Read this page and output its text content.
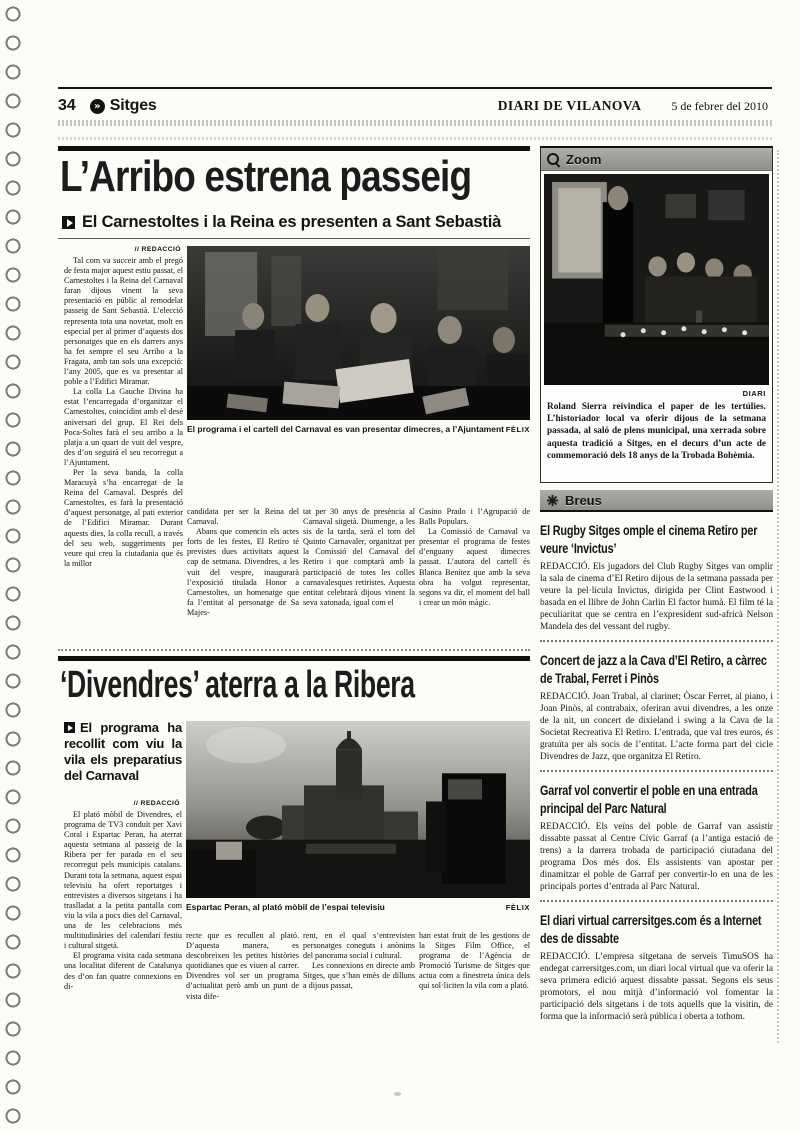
34	» Sitges	DIARI DE VILANOVA	5 de febrer del 2010
L’Arribo estrena passeig
El Carnestoltes i la Reina es presenten a Sant Sebastià
// REDACCIÓ

Tal com va succeir amb el pregó de festa major aquest estiu passat, el Carnestoltes i la Reina del Carnaval faran dijous vinent la seva presentació en públic al remodelat passeig de Sant Sebastià. L’elecció representa tota una novetat, molt en especial per al primer d’aquests dos personatges que en els darrers anys ha fet sempre el seu Arribo a la Fragata, amb tan sols una excepció: l’any 2005, que es va presentar al poble a l’Edifici Miramar.

La colla La Gauche Divina ha estat l’encarregada d’organitzar el Carnestoltes, coincidint amb el desè aniversari del grup. El Rei dels Poca-Soltes farà el seu arribo a la platja a un quart de vuit del vespre, des d’on seguirà el seu recorregut a l’Ajuntament.

Per la seva banda, la colla Maracuyà s’ha encarregat de la Reina del Carnaval. Després del Carnestoltes, es farà la presentació d’aquest personatge, al pati exterior de l’Edifici Miramar. Durant aquests dies, la colla recull, a través del seu web, suggeriments per veure qui creu la ciutadania que és la millor

El programa i el cartell del Carnaval es van presentar dimecres, a l’Ajuntament FÈLIX

candidata per ser la Reina del Carnaval.

Abans que comencin els actes forts de les festes, El Retiro té previstes dues activitats aquest cap de setmana. Divendres, a les vuit del vespre, inaugurarà l’exposició titulada Honor a Carnestoltes, un homenatge que fa l’entitat al personatge de Sa Majes-

tat per 30 anys de presència al Carnaval sitgetà. Diumenge, a les sis de la tarda, serà el torn del Quinto Carnavaler, organitzat per la Comissió del Carnaval del Retiro i que comptarà amb la participació de totes les colles carnavalesques retiristes. Aquesta entitat celebrarà dijous vinent la seva xatonada, igual com el

Casino Prado i l’Agrupació de Balls Populars.

La Comissió de Carnaval va presentar el programa de festes d’enguany aquest dimecres passat. L’autora del cartell és Blanca Benítez que amb la seva obra ha volgut representar, segons va dir, el moment del ball i crear un món màgic.

‘Divendres’ aterra a la Ribera
El programa ha recollit com viu la vila els preparatius del Carnaval
// REDACCIÓ

El plató mòbil de Divendres, el programa de TV3 conduït per Xavi Coral i Espartac Peran, ha aterrat aquesta setmana al passeig de la Ribera per fer parada en el seu recorregut pels municipis catalans. Durant tota la setmana, aquest espai televisiu ha ofert reportatges i entrevistes a diversos sitgetans i ha traslladat a la petita pantalla com viu la vila a pocs dies del Carnaval, una de les celebracions més multitudinàries del calendari festiu i cultural sitgetà.

El programa visita cada setmana una localitat diferent de Catalunya des d’on fan quatre connexions en di-

Espartac Peran, al plató mòbil de l’espai televisiu	FÈLIX

recte que es recullen al plató. D’aquesta manera, es descobreixen les petites històries quotidianes que es viuen al carrer. Divendres vol ser un programa d’actualitat però amb un punt de vista dife-

rent, en el qual s’entrevisten personatges coneguts i anònims del panorama social i cultural.

Les connexions en directe amb Sitges, que s’han emès de dilluns a dijous passat,

han estat fruit de les gestions de la Sitges Film Office, el programa de l’Agència de Promoció Turisme de Sitges que actua com a finestreta única dels qui sol·liciten la vila com a plató.

Zoom
DIARI
Roland Sierra reivindica el paper de les tertúlies. L’historiador local va oferir dijous de la setmana passada, al saló de plens municipal, una xerrada sobre aquesta tradició a Sitges, en el decurs d’un acte de commemoració dels 18 anys de la Trobada Bohèmia.
Breus
El Rugby Sitges omple el cinema Retiro per veure ‘Invictus’
REDACCIÓ. Els jugadors del Club Rugby Sitges van omplir la sala de cinema d’El Retiro dijous de la setmana passada per veure la pel·lícula Invictus, dirigida per Clint Eastwood i basada en el llibre de John Carlin El factor humà. El film té la peculiaritat que se centra en l’expresident sud-africà Nelson Mandela des del vessant del rugby.
Concert de jazz a la Cava d’El Retiro, a càrrec de Trabal, Ferret i Pinòs
REDACCIÓ. Joan Trabal, al clarinet; Òscar Ferret, al piano, i Joan Pinòs, al contrabaix, oferiran avui divendres, a les onze de la nit, un concert de dixieland i swing a la Cava de la Societat Recreativa El Retiro. L’entrada, que val tres euros, és gratuïta per als socis de l’entitat. L’acte forma part del cicle Divendres de Jazz, que organitza El Retiro.
Garraf vol convertir el poble en una entrada principal del Parc Natural
REDACCIÓ. Els veïns del poble de Garraf van assistir dissabte passat al Centre Cívic Garraf (a l’antiga estació de trens) a la darrera trobada de participació ciutadana del programa Dos més dos. Els assistents van apostar per dinamitzar el poble de Garraf per convertir-lo en una de les principals portes d’entrada al Parc Natural.
El diari virtual carrersitges.com és a Internet des de dissabte
REDACCIÓ. L’empresa sitgetana de serveis TimuSOS ha endegat carrersitges.com, un diari local virtual que va oferir la seva primera edició aquest dissabte passat. Segons els seus promotors, el nou mitjà d’informació vol fomentar la participació dels sitgetans i de tots aquells que la visitin, de forma que la informació serà pública i oberta a tothom.
